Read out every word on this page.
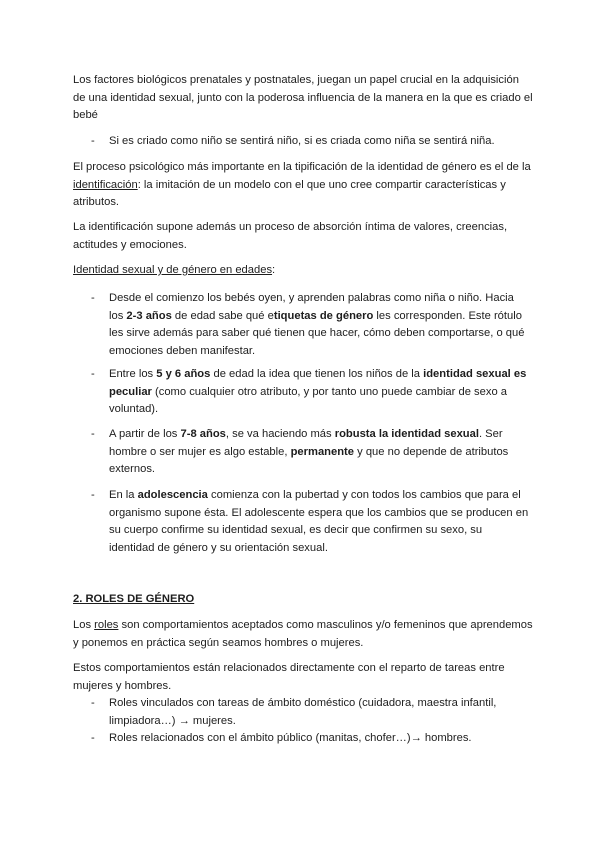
Los factores biológicos prenatales y postnatales, juegan un papel crucial en la adquisición de una identidad sexual, junto con la poderosa influencia de la manera en la que es criado el bebé

- Si es criado como niño se sentirá niño, si es criada como niña se sentirá niña.

El proceso psicológico más importante en la tipificación de la identidad de género es el de la identificación: la imitación de un modelo con el que uno cree compartir características y atributos.

La identificación supone además un proceso de absorción íntima de valores, creencias, actitudes y emociones.

Identidad sexual y de género en edades:

- Desde el comienzo los bebés oyen, y aprenden palabras como niña o niño. Hacia los 2-3 años de edad sabe qué etiquetas de género les corresponden. Este rótulo les sirve además para saber qué tienen que hacer, cómo deben comportarse, o qué emociones deben manifestar.

- Entre los 5 y 6 años de edad la idea que tienen los niños de la identidad sexual es peculiar (como cualquier otro atributo, y por tanto uno puede cambiar de sexo a voluntad).

- A partir de los 7-8 años, se va haciendo más robusta la identidad sexual. Ser hombre o ser mujer es algo estable, permanente y que no depende de atributos externos.

- En la adolescencia comienza con la pubertad y con todos los cambios que para el organismo supone ésta. El adolescente espera que los cambios que se producen en su cuerpo confirme su identidad sexual, es decir que confirmen su sexo, su identidad de género y su orientación sexual.

2. ROLES DE GÉNERO

Los roles son comportamientos aceptados como masculinos y/o femeninos que aprendemos y ponemos en práctica según seamos hombres o mujeres.

Estos comportamientos están relacionados directamente con el reparto de tareas entre mujeres y hombres.

- Roles vinculados con tareas de ámbito doméstico (cuidadora, maestra infantil, limpiadora…) → mujeres.

- Roles relacionados con el ámbito público (manitas, chofer…)→ hombres.
